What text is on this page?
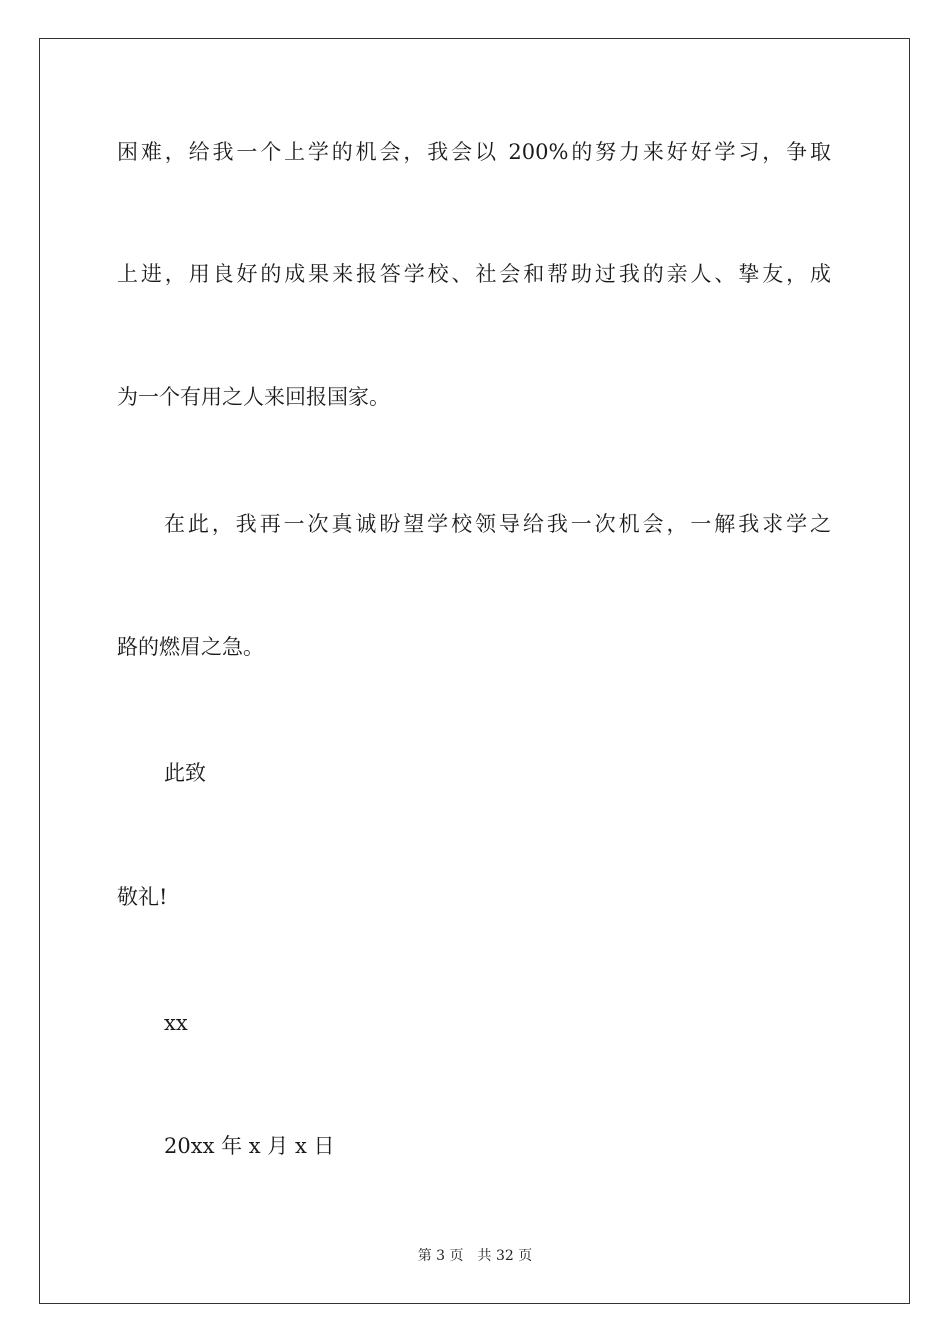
困难，给我一个上学的机会，我会以 200%的努力来好好学习，争取
上进，用良好的成果来报答学校、社会和帮助过我的亲人、挚友，成
为一个有用之人来回报国家。
在此，我再一次真诚盼望学校领导给我一次机会，一解我求学之
路的燃眉之急。
此致
敬礼!
xx
20xx 年 x 月 x 日
第 3 页 共 32 页
